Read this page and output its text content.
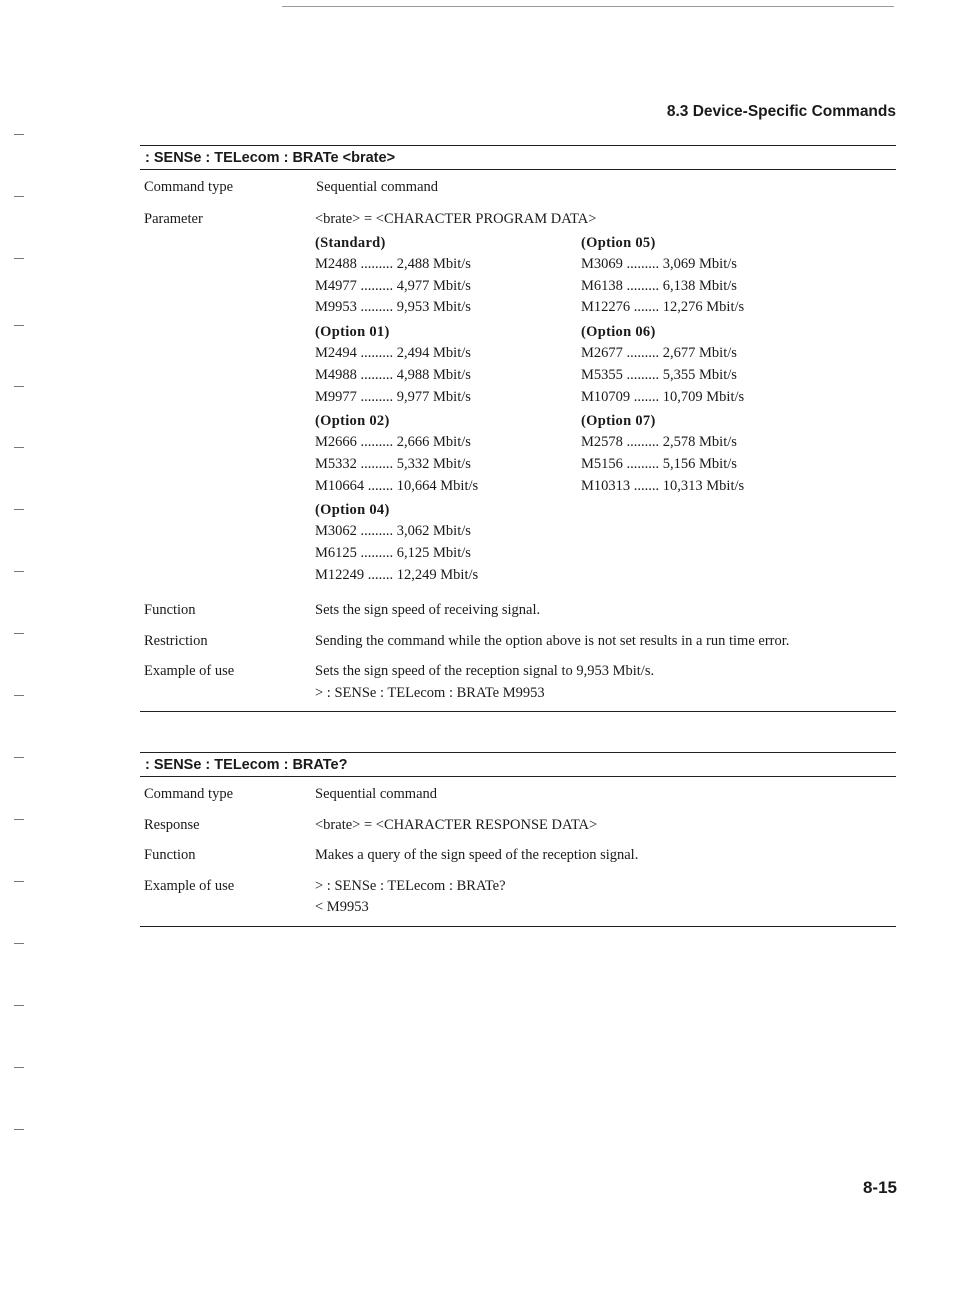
8.3 Device-Specific Commands
: SENSe : TELecom : BRATe <brate>
Command type	Sequential command
Parameter	<brate> = <CHARACTER PROGRAM DATA>
(Standard)
M2488 ......... 2,488 Mbit/s
M4977 ......... 4,977 Mbit/s
M9953 ......... 9,953 Mbit/s
(Option 01)
M2494 ......... 2,494 Mbit/s
M4988 ......... 4,988 Mbit/s
M9977 ......... 9,977 Mbit/s
(Option 02)
M2666 ......... 2,666 Mbit/s
M5332 ......... 5,332 Mbit/s
M10664 ....... 10,664 Mbit/s
(Option 04)
M3062 ......... 3,062 Mbit/s
M6125 ......... 6,125 Mbit/s
M12249 ....... 12,249 Mbit/s
(Option 05)
M3069 ......... 3,069 Mbit/s
M6138 ......... 6,138 Mbit/s
M12276 ....... 12,276 Mbit/s
(Option 06)
M2677 ......... 2,677 Mbit/s
M5355 ......... 5,355 Mbit/s
M10709 ....... 10,709 Mbit/s
(Option 07)
M2578 ......... 2,578 Mbit/s
M5156 ......... 5,156 Mbit/s
M10313 ....... 10,313 Mbit/s
Function	Sets the sign speed of receiving signal.
Restriction	Sending the command while the option above is not set results in a run time error.
Example of use	Sets the sign speed of the reception signal to 9,953 Mbit/s.
> : SENSe : TELecom : BRATe M9953
: SENSe : TELecom : BRATe?
Command type	Sequential command
Response	<brate> = <CHARACTER RESPONSE DATA>
Function	Makes a query of the sign speed of the reception signal.
Example of use	> : SENSe : TELecom : BRATe?
< M9953
8-15
